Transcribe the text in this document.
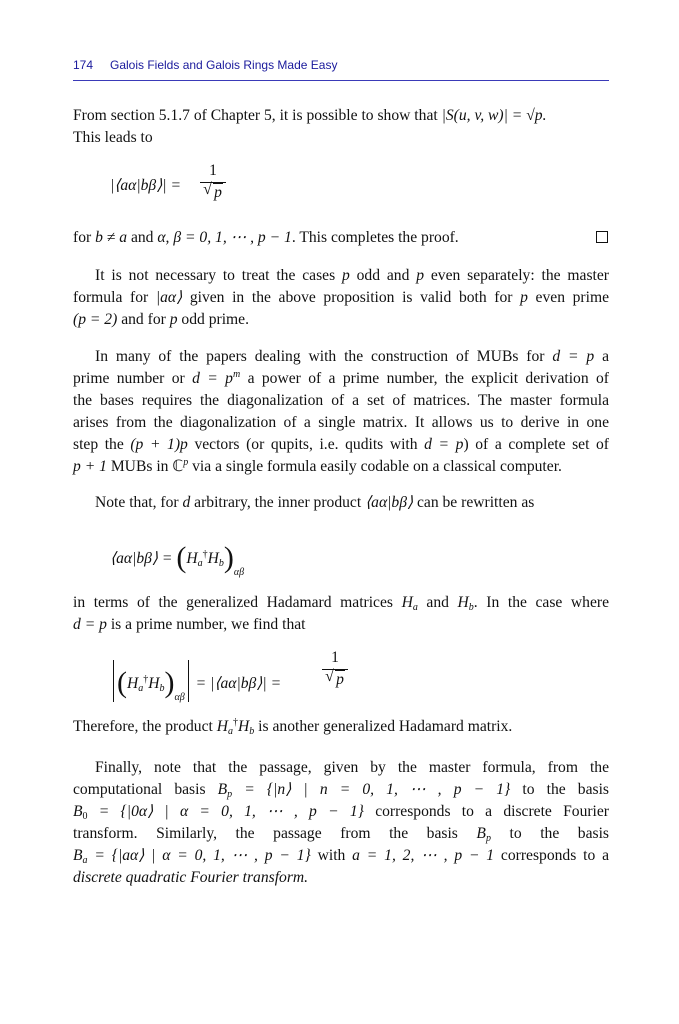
174 Galois Fields and Galois Rings Made Easy
From section 5.1.7 of Chapter 5, it is possible to show that |S(u, v, w)| = √p.
This leads to
|⟨aα|bβ⟩| =
1
√ p
for b ≠ a and α, β = 0, 1, ⋯ , p − 1. This completes the proof.
It is not necessary to treat the cases p odd and p even separately: the master
formula for |aα⟩ given in the above proposition is valid both for p even prime
(p = 2) and for p odd prime.
In many of the papers dealing with the construction of MUBs for d = p a
prime number or $d = p^m$ a power of a prime number, the explicit derivation of
the bases requires the diagonalization of a set of matrices. The master formula
arises from the diagonalization of a single matrix. It allows us to derive in one
step the (p + 1)p vectors (or qupits, i.e. qudits with d = p) of a complete set of
p + 1 MUBs in ℂ$^p$ via a single formula easily codable on a classical computer.
Note that, for d arbitrary, the inner product ⟨aα|bβ⟩ can be rewritten as
⟨aα|bβ⟩ = $(H_a^\dagger H_b)_{\alpha\beta}$
in terms of the generalized Hadamard matrices $H_a$ and $H_b$. In the case where
d = p is a prime number, we find that
$(H_a^\dagger H_b)_{\alpha\beta}$ = |⟨aα|bβ⟩| =
1
√ p
Therefore, the product $H_a^\dagger H_b$ is another generalized Hadamard matrix.
Finally, note that the passage, given by the master formula, from the
computational basis $B_p$ = {|n⟩ | n = 0, 1, ⋯ , p − 1} to the basis
$B_0$ = {|0α⟩ | α = 0, 1, ⋯ , p − 1} corresponds to a discrete Fourier
transform. Similarly, the passage from the basis $B_p$ to the basis
$B_a$ = {|aα⟩ | α = 0, 1, ⋯ , p − 1} with a = 1, 2, ⋯ , p − 1 corresponds to a
discrete quadratic Fourier transform.
